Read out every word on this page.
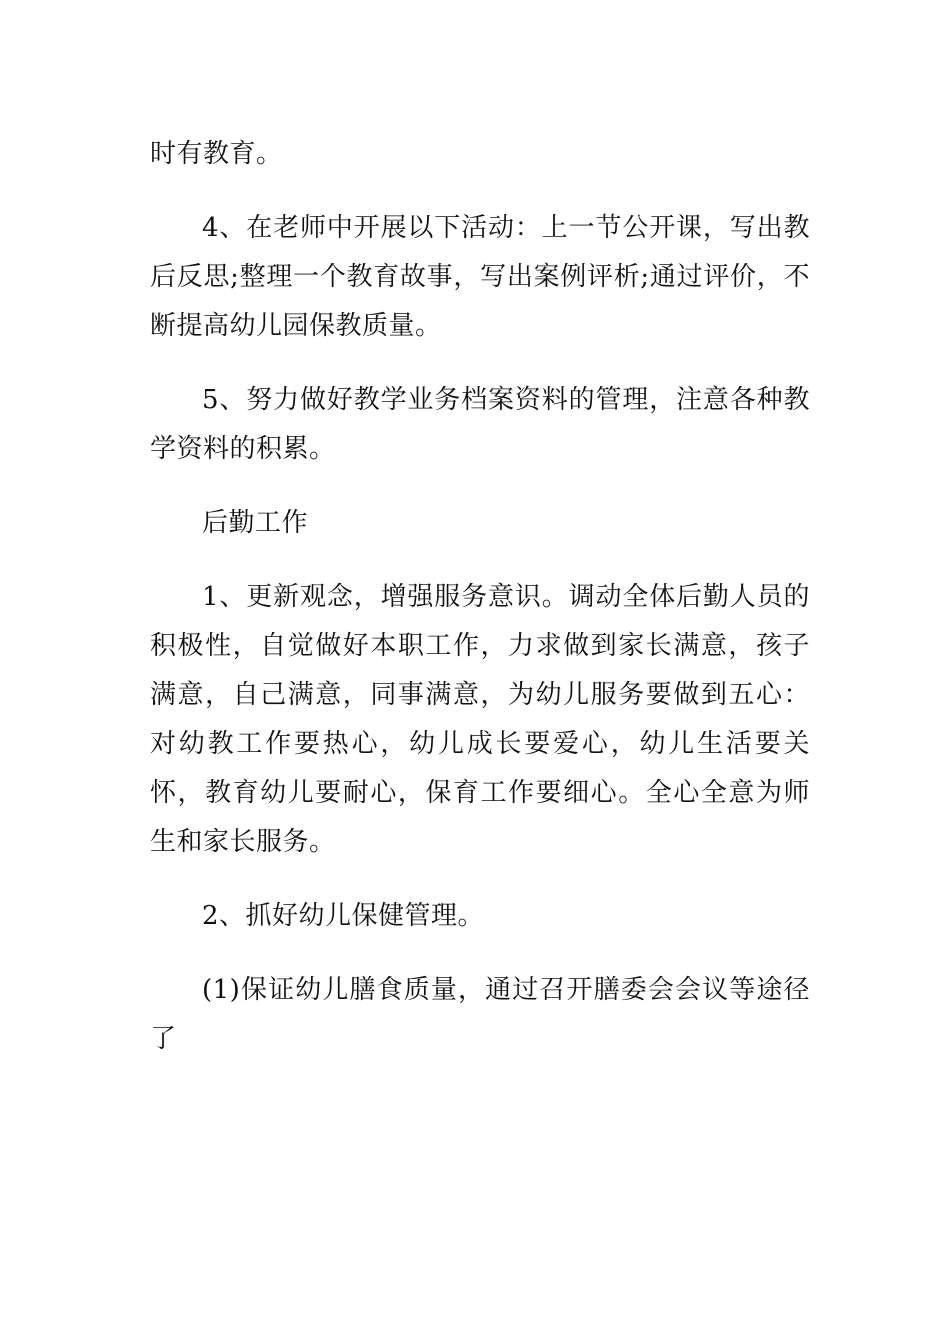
时有教育。

4、在老师中开展以下活动：上一节公开课，写出教后反思;整理一个教育故事，写出案例评析;通过评价，不断提高幼儿园保教质量。

5、努力做好教学业务档案资料的管理，注意各种教学资料的积累。

后勤工作

1、更新观念，增强服务意识。调动全体后勤人员的积极性，自觉做好本职工作，力求做到家长满意，孩子满意，自己满意，同事满意，为幼儿服务要做到五心：对幼教工作要热心，幼儿成长要爱心，幼儿生活要关怀，教育幼儿要耐心，保育工作要细心。全心全意为师生和家长服务。

2、抓好幼儿保健管理。

(1)保证幼儿膳食质量，通过召开膳委会会议等途径了
